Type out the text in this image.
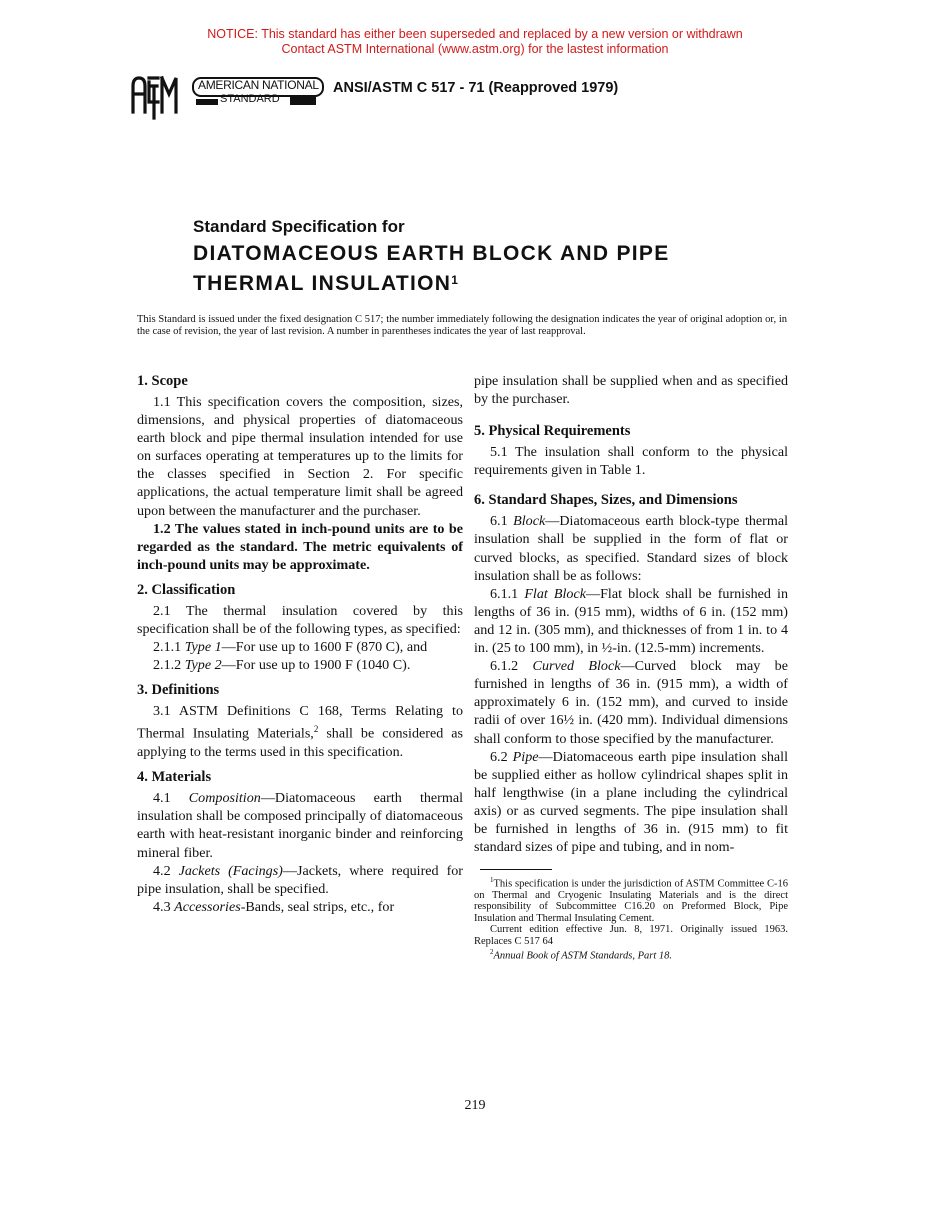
NOTICE: This standard has either been superseded and replaced by a new version or withdrawn
Contact ASTM International (www.astm.org) for the lastest information
AMERICAN NATIONAL
STANDARD
ANSI/ASTM C 517 - 71 (Reapproved 1979)
Standard Specification for
DIATOMACEOUS EARTH BLOCK AND PIPE
THERMAL INSULATION$^1$
This Standard is issued under the fixed designation C 517; the number immediately following the designation indicates the year of original adoption or, in the case of revision, the year of last revision. A number in parentheses indicates the year of last reapproval.
1. Scope

1.1 This specification covers the composition, sizes, dimensions, and physical properties of diatomaceous earth block and pipe thermal insulation intended for use on surfaces operating at temperatures up to the limits for the classes specified in Section 2. For specific applications, the actual temperature limit shall be agreed upon between the manufacturer and the purchaser.

1.2 The values stated in inch-pound units are to be regarded as the standard. The metric equivalents of inch-pound units may be approximate.

2. Classification

2.1 The thermal insulation covered by this specification shall be of the following types, as specified:

2.1.1 Type 1—For use up to 1600 F (870 C), and

2.1.2 Type 2—For use up to 1900 F (1040 C).

3. Definitions

3.1 ASTM Definitions C 168, Terms Relating to Thermal Insulating Materials,$^2$ shall be considered as applying to the terms used in this specification.

4. Materials

4.1 Composition—Diatomaceous earth thermal insulation shall be composed principally of diatomaceous earth with heat-resistant inorganic binder and reinforcing mineral fiber.

4.2 Jackets (Facings)—Jackets, where required for pipe insulation, shall be specified.

4.3 Accessories-Bands, seal strips, etc., for

pipe insulation shall be supplied when and as specified by the purchaser.

5. Physical Requirements

5.1 The insulation shall conform to the physical requirements given in Table 1.

6. Standard Shapes, Sizes, and Dimensions

6.1 Block—Diatomaceous earth block-type thermal insulation shall be supplied in the form of flat or curved blocks, as specified. Standard sizes of block insulation shall be as follows:

6.1.1 Flat Block—Flat block shall be furnished in lengths of 36 in. (915 mm), widths of 6 in. (152 mm) and 12 in. (305 mm), and thicknesses of from 1 in. to 4 in. (25 to 100 mm), in ½-in. (12.5-mm) increments.

6.1.2 Curved Block—Curved block may be furnished in lengths of 36 in. (915 mm), a width of approximately 6 in. (152 mm), and curved to inside radii of over 16½ in. (420 mm). Individual dimensions shall conform to those specified by the manufacturer.

6.2 Pipe—Diatomaceous earth pipe insulation shall be supplied either as hollow cylindrical shapes split in half lengthwise (in a plane including the cylindrical axis) or as curved segments. The pipe insulation shall be furnished in lengths of 36 in. (915 mm) to fit standard sizes of pipe and tubing, and in nom-

$^1$This specification is under the jurisdiction of ASTM Committee C-16 on Thermal and Cryogenic Insulating Materials and is the direct responsibility of Subcommittee C16.20 on Preformed Block, Pipe Insulation and Thermal Insulating Cement.

Current edition effective Jun. 8, 1971. Originally issued 1963. Replaces C 517 64

$^2$Annual Book of ASTM Standards, Part 18.

219
